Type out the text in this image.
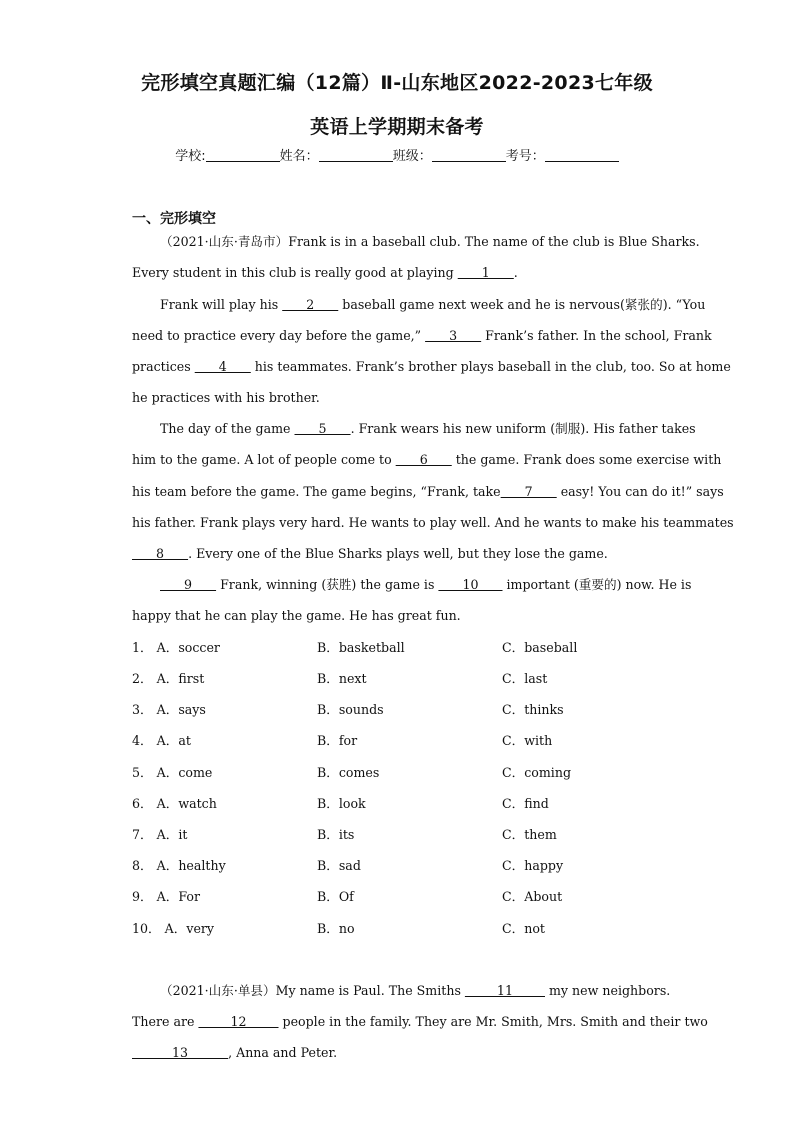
完形填空真题汇编（12篇）Ⅱ-山东地区2022-2023七年级
英语上学期期末备考
学校:	姓名：	班级：	考号：
一、完形填空
（2021·山东·青岛市）Frank is in a baseball club. The name of the club is Blue Sharks.
Every student in this club is really good at playing       1      .
Frank will play his       2       baseball game next week and he is nervous(紧张的). “You
need to practice every day before the game,”       3       Frank’s father. In the school, Frank
practices       4       his teammates. Frank’s brother plays baseball in the club, too. So at home
he practices with his brother.
The day of the game       5      . Frank wears his new uniform (制服). His father takes
him to the game. A lot of people come to       6       the game. Frank does some exercise with
his team before the game. The game begins, “Frank, take      7       easy! You can do it!” says
his father. Frank plays very hard. He wants to play well. And he wants to make his teammates
8      . Every one of the Blue Sharks plays well, but they lose the game.
9       Frank, winning (获胜) the game is       10       important (重要的) now. He is
happy that he can play the game. He has great fun.
1． A．soccer	B．basketball	C．baseball
2． A．first	B．next	C．last
3． A．says	B．sounds	C．thinks
4． A．at	B．for	C．with
5． A．come	B．comes	C．coming
6． A．watch	B．look	C．find
7． A．it	B．its	C．them
8． A．healthy	B．sad	C．happy
9． A．For	B．Of	C．About
10． A．very	B．no	C．not
（2021·山东·单县）My name is Paul. The Smiths         11         my new neighbors.
There are         12         people in the family. They are Mr. Smith, Mrs. Smith and their two
13          , Anna and Peter.
